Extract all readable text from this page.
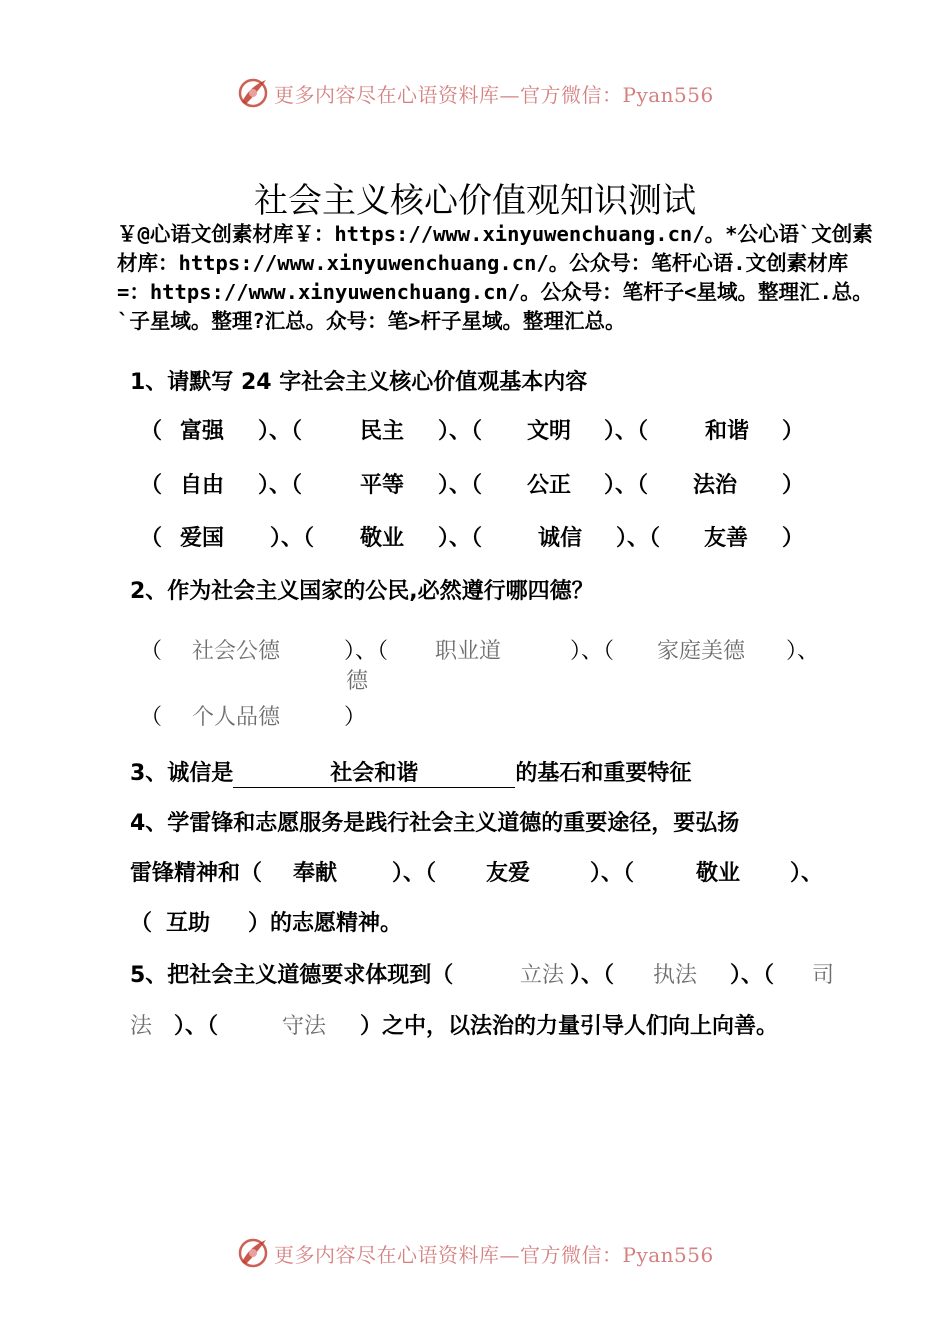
更多内容尽在心语资料库—官方微信：Pyan556
社会主义核心价值观知识测试
￥@心语文创素材库￥：https://www.xinyuwenchuang.cn/。*公心语`文创素材库：https://www.xinyuwenchuang.cn/。公众号：笔杆心语.文创素材库=：https://www.xinyuwenchuang.cn/。公众号：笔杆子<星域。整理汇.总。`子星域。整理?汇总。众号：笔>杆子星域。整理汇总。
1、请默写 24 字社会主义核心价值观基本内容
（ 富强 ）、（	民主 ）、（ 文明 ）、（	和谐 ）
（ 自由 ）、（	平等 ）、（ 公正 ）、（ 法治 ）
（ 爱国 ）、（ 敬业 ）、（	诚信 ）、（ 友善 ）
2、作为社会主义国家的公民,必然遵行哪四德？
（ 社会公德	）、（ 职业道
德
）、（ 家庭美德 ）、
（ 个人品德	）
3、诚信是	社会和谐	的基石和重要特征
4、学雷锋和志愿服务是践行社会主义道德的重要途径，要弘扬
雷锋精神和（ 奉献 ）、（ 友爱	）、（	敬业 ）、
（ 互助 ）的志愿精神。
5、把社会主义道德要求体现到（	立法 ）、（ 执法 ）、（ 司
法 ）、（	守法 ）之中，以法治的力量引导人们向上向善。
更多内容尽在心语资料库—官方微信：Pyan556
